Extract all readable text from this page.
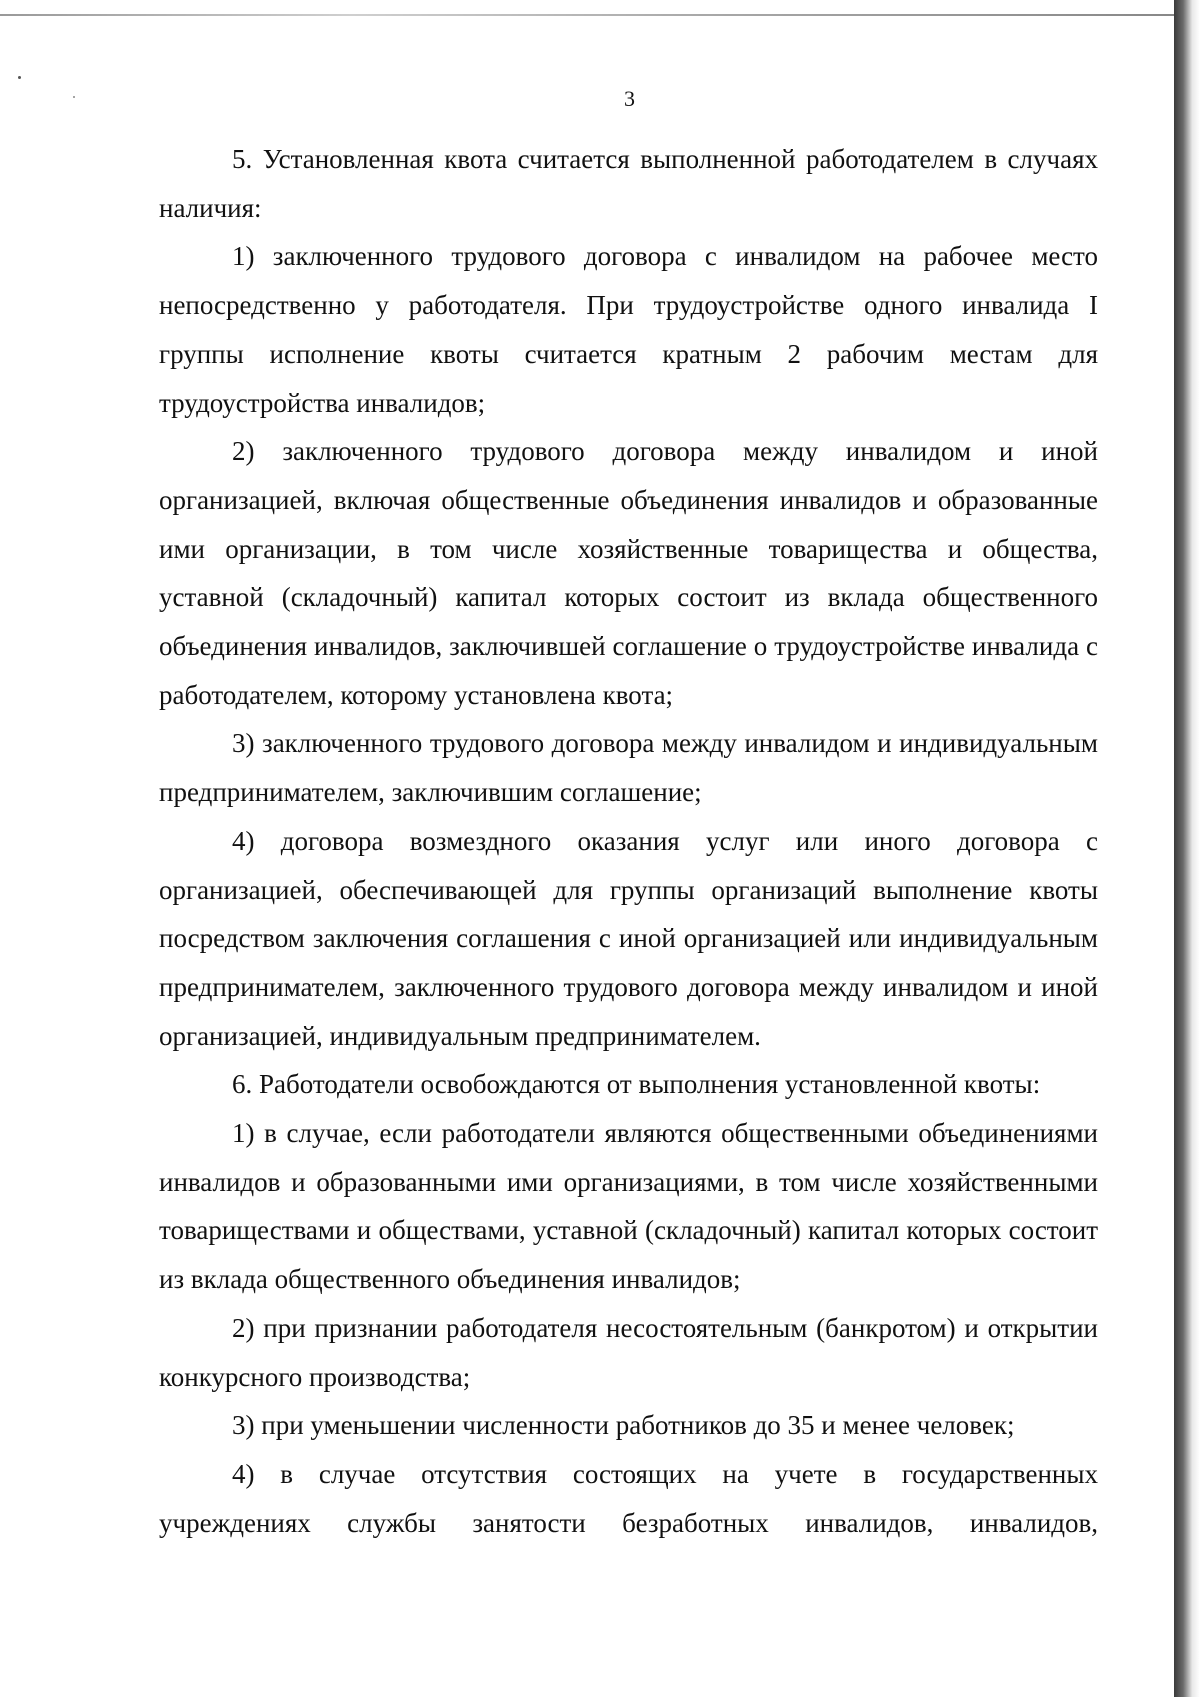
3

5. Установленная квота считается выполненной работодателем в случаях наличия:

1) заключенного трудового договора с инвалидом на рабочее место непосредственно у работодателя. При трудоустройстве одного инвалида I группы исполнение квоты считается кратным 2 рабочим местам для трудоустройства инвалидов;

2) заключенного трудового договора между инвалидом и иной организацией, включая общественные объединения инвалидов и образованные ими организации, в том числе хозяйственные товарищества и общества, уставной (складочный) капитал которых состоит из вклада общественного объединения инвалидов, заключившей соглашение о трудоустройстве инвалида с работодателем, которому установлена квота;

3) заключенного трудового договора между инвалидом и индивидуальным предпринимателем, заключившим соглашение;

4) договора возмездного оказания услуг или иного договора с организацией, обеспечивающей для группы организаций выполнение квоты посредством заключения соглашения с иной организацией или индивидуальным предпринимателем, заключенного трудового договора между инвалидом и иной организацией, индивидуальным предпринимателем.

6. Работодатели освобождаются от выполнения установленной квоты:

1) в случае, если работодатели являются общественными объединениями инвалидов и образованными ими организациями, в том числе хозяйственными товариществами и обществами, уставной (складочный) капитал которых состоит из вклада общественного объединения инвалидов;

2) при признании работодателя несостоятельным (банкротом) и открытии конкурсного производства;

3) при уменьшении численности работников до 35 и менее человек;

4) в случае отсутствия состоящих на учете в государственных учреждениях службы занятости безработных инвалидов, инвалидов,
